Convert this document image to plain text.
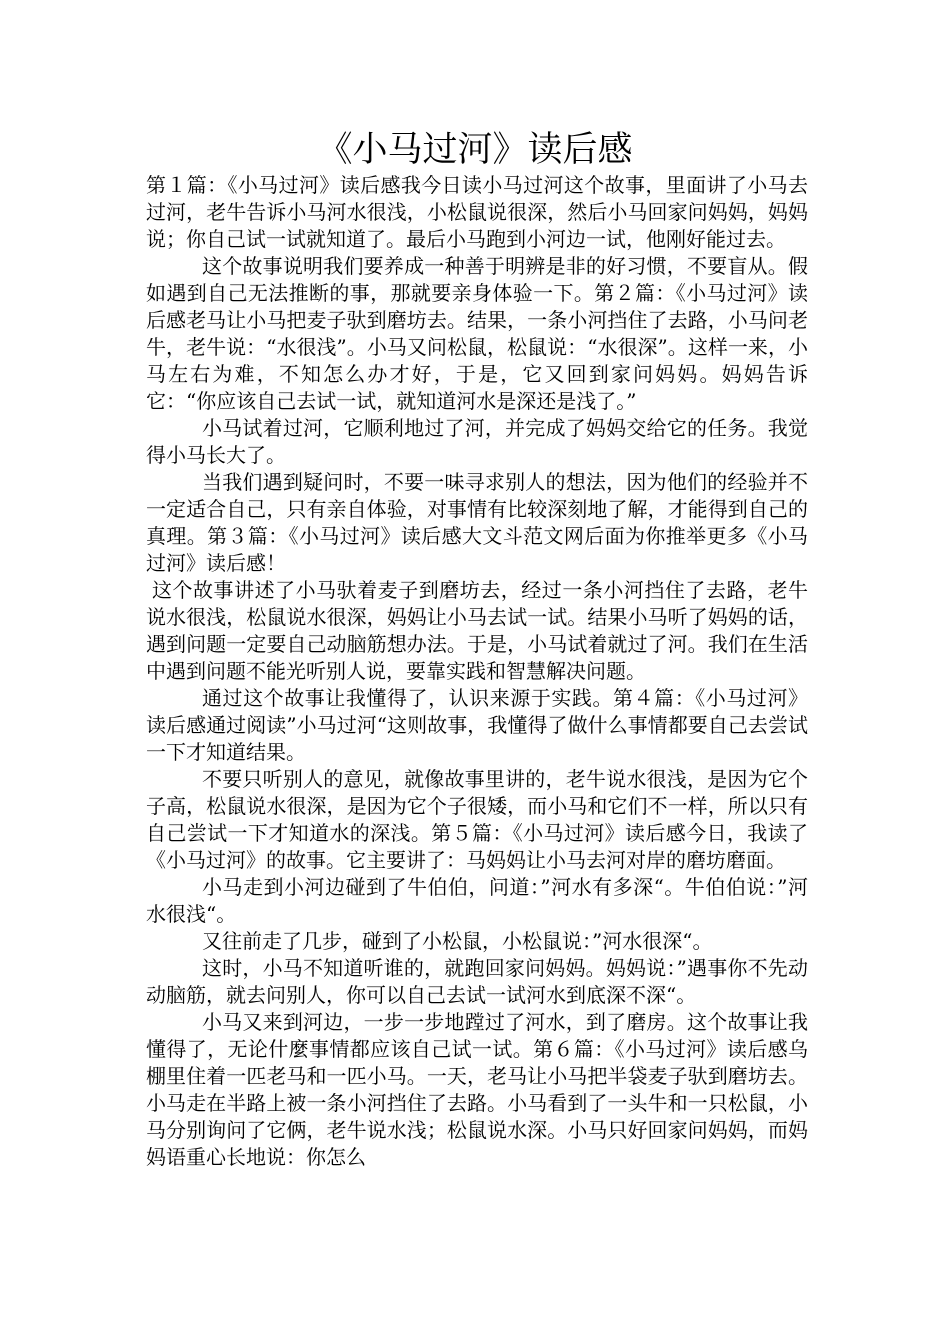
《小马过河》读后感

第１篇：《小马过河》读后感我今日读小马过河这个故事，里面讲了小马去过河，老牛告诉小马河水很浅，小松鼠说很深，然后小马回家问妈妈，妈妈说；你自己试一试就知道了。最后小马跑到小河边一试，他刚好能过去。

这个故事说明我们要养成一种善于明辨是非的好习惯，不要盲从。假如遇到自己无法推断的事，那就要亲身体验一下。第２篇：《小马过河》读后感老马让小马把麦子驮到磨坊去。结果，一条小河挡住了去路，小马问老牛，老牛说：“水很浅”。小马又问松鼠，松鼠说：“水很深”。这样一来，小马左右为难，不知怎么办才好，于是，它又回到家问妈妈。妈妈告诉它：“你应该自己去试一试，就知道河水是深还是浅了。”

小马试着过河，它顺利地过了河，并完成了妈妈交给它的任务。我觉得小马长大了。

当我们遇到疑问时，不要一味寻求别人的想法，因为他们的经验并不一定适合自己，只有亲自体验，对事情有比较深刻地了解，才能得到自己的真理。第３篇：《小马过河》读后感大文斗范文网后面为你推举更多《小马过河》读后感！

这个故事讲述了小马驮着麦子到磨坊去，经过一条小河挡住了去路，老牛说水很浅，松鼠说水很深，妈妈让小马去试一试。结果小马听了妈妈的话，遇到问题一定要自己动脑筋想办法。于是，小马试着就过了河。我们在生活中遇到问题不能光听别人说，要靠实践和智慧解决问题。

通过这个故事让我懂得了，认识来源于实践。第４篇：《小马过河》读后感通过阅读”小马过河“这则故事，我懂得了做什么事情都要自己去尝试一下才知道结果。

不要只听别人的意见，就像故事里讲的，老牛说水很浅，是因为它个子高，松鼠说水很深，是因为它个子很矮，而小马和它们不一样，所以只有自己尝试一下才知道水的深浅。第５篇：《小马过河》读后感今日，我读了《小马过河》的故事。它主要讲了：马妈妈让小马去河对岸的磨坊磨面。

小马走到小河边碰到了牛伯伯，问道：”河水有多深“。牛伯伯说：”河水很浅“。

又往前走了几步，碰到了小松鼠，小松鼠说：”河水很深“。

这时，小马不知道听谁的，就跑回家问妈妈。妈妈说：”遇事你不先动动脑筋，就去问别人，你可以自己去试一试河水到底深不深“。

小马又来到河边，一步一步地蹚过了河水，到了磨房。这个故事让我懂得了，无论什麼事情都应该自己试一试。第６篇：《小马过河》读后感乌棚里住着一匹老马和一匹小马。一天，老马让小马把半袋麦子驮到磨坊去。小马走在半路上被一条小河挡住了去路。小马看到了一头牛和一只松鼠，小马分别询问了它俩，老牛说水浅；松鼠说水深。小马只好回家问妈妈，而妈妈语重心长地说：你怎么
